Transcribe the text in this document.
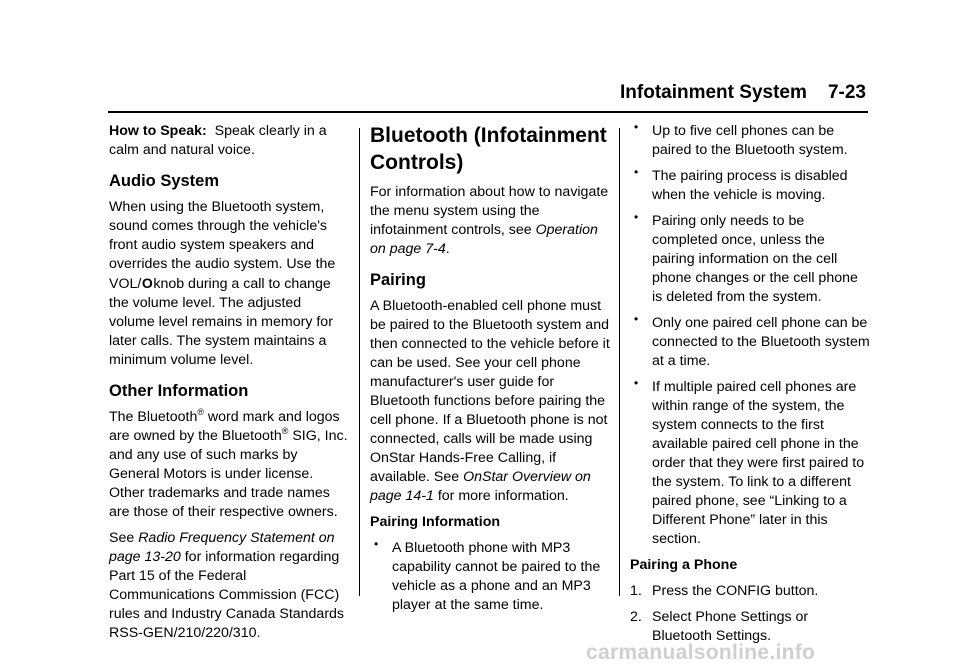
Infotainment System 7-23

How to Speak: Speak clearly in a calm and natural voice.

Audio System

When using the Bluetooth system, sound comes through the vehicle's front audio system speakers and overrides the audio system. Use the VOL/Oknob during a call to change the volume level. The adjusted volume level remains in memory for later calls. The system maintains a minimum volume level.

Other Information

The Bluetooth® word mark and logos are owned by the Bluetooth® SIG, Inc. and any use of such marks by General Motors is under license. Other trademarks and trade names are those of their respective owners.

See Radio Frequency Statement on page 13-20 for information regarding Part 15 of the Federal Communications Commission (FCC) rules and Industry Canada Standards RSS-GEN/210/220/310.

Bluetooth (Infotainment Controls)

For information about how to navigate the menu system using the infotainment controls, see Operation on page 7-4.

Pairing

A Bluetooth-enabled cell phone must be paired to the Bluetooth system and then connected to the vehicle before it can be used. See your cell phone manufacturer's user guide for Bluetooth functions before pairing the cell phone. If a Bluetooth phone is not connected, calls will be made using OnStar Hands-Free Calling, if available. See OnStar Overview on page 14-1 for more information.

Pairing Information

• A Bluetooth phone with MP3 capability cannot be paired to the vehicle as a phone and an MP3 player at the same time.
• Up to five cell phones can be paired to the Bluetooth system.
• The pairing process is disabled when the vehicle is moving.
• Pairing only needs to be completed once, unless the pairing information on the cell phone changes or the cell phone is deleted from the system.
• Only one paired cell phone can be connected to the Bluetooth system at a time.
• If multiple paired cell phones are within range of the system, the system connects to the first available paired cell phone in the order that they were first paired to the system. To link to a different paired phone, see “Linking to a Different Phone” later in this section.

Pairing a Phone

1. Press the CONFIG button.
2. Select Phone Settings or Bluetooth Settings.
carmanualsonline.info
